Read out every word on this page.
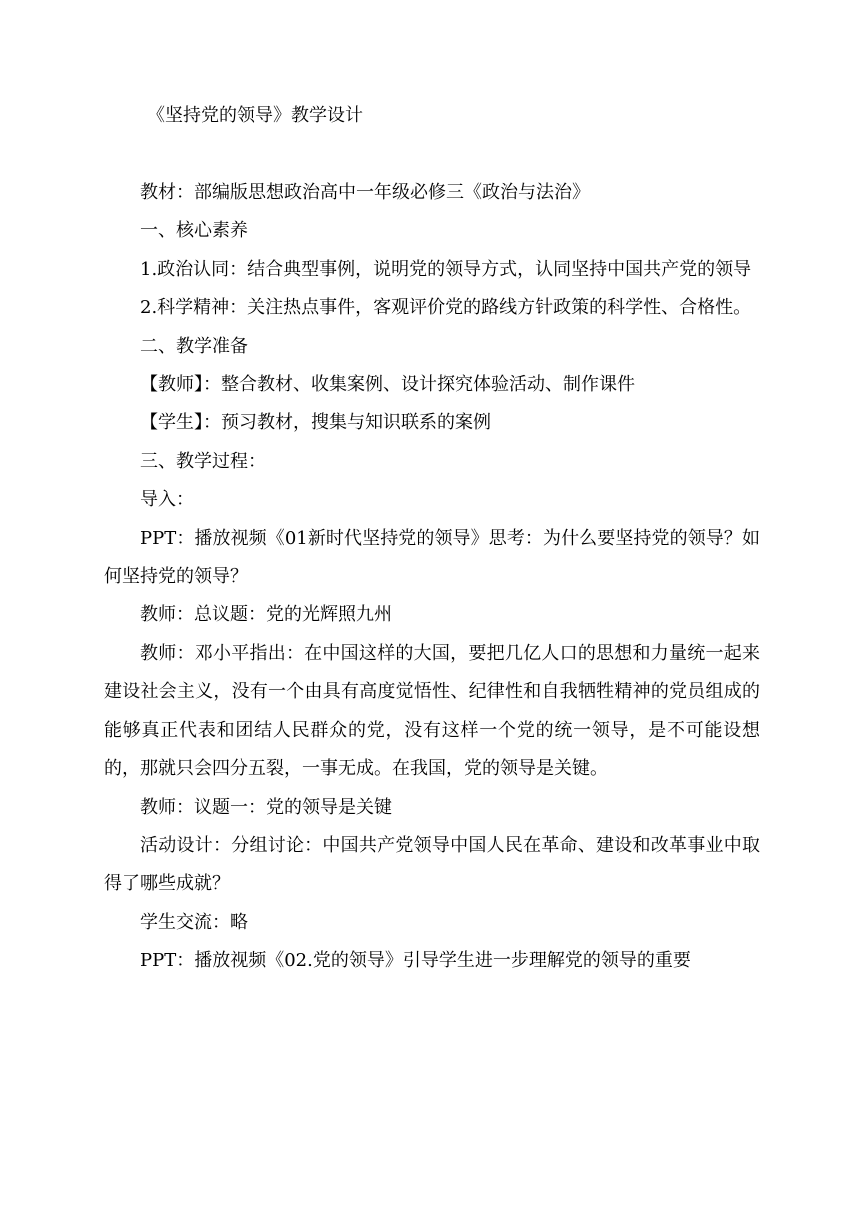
《坚持党的领导》教学设计

教材：部编版思想政治高中一年级必修三《政治与法治》

一、核心素养

1.政治认同：结合典型事例，说明党的领导方式，认同坚持中国共产党的领导

2.科学精神：关注热点事件，客观评价党的路线方针政策的科学性、合格性。

二、教学准备

【教师】：整合教材、收集案例、设计探究体验活动、制作课件

【学生】：预习教材，搜集与知识联系的案例

三、教学过程：

导入：

PPT：播放视频《01新时代坚持党的领导》思考：为什么要坚持党的领导？如何坚持党的领导？

教师：总议题：党的光辉照九州

教师：邓小平指出：在中国这样的大国，要把几亿人口的思想和力量统一起来建设社会主义，没有一个由具有高度觉悟性、纪律性和自我牺牲精神的党员组成的能够真正代表和团结人民群众的党，没有这样一个党的统一领导，是不可能设想的，那就只会四分五裂，一事无成。在我国，党的领导是关键。

教师：议题一：党的领导是关键

活动设计：分组讨论：中国共产党领导中国人民在革命、建设和改革事业中取得了哪些成就？

学生交流：略

PPT：播放视频《02.党的领导》引导学生进一步理解党的领导的重要
